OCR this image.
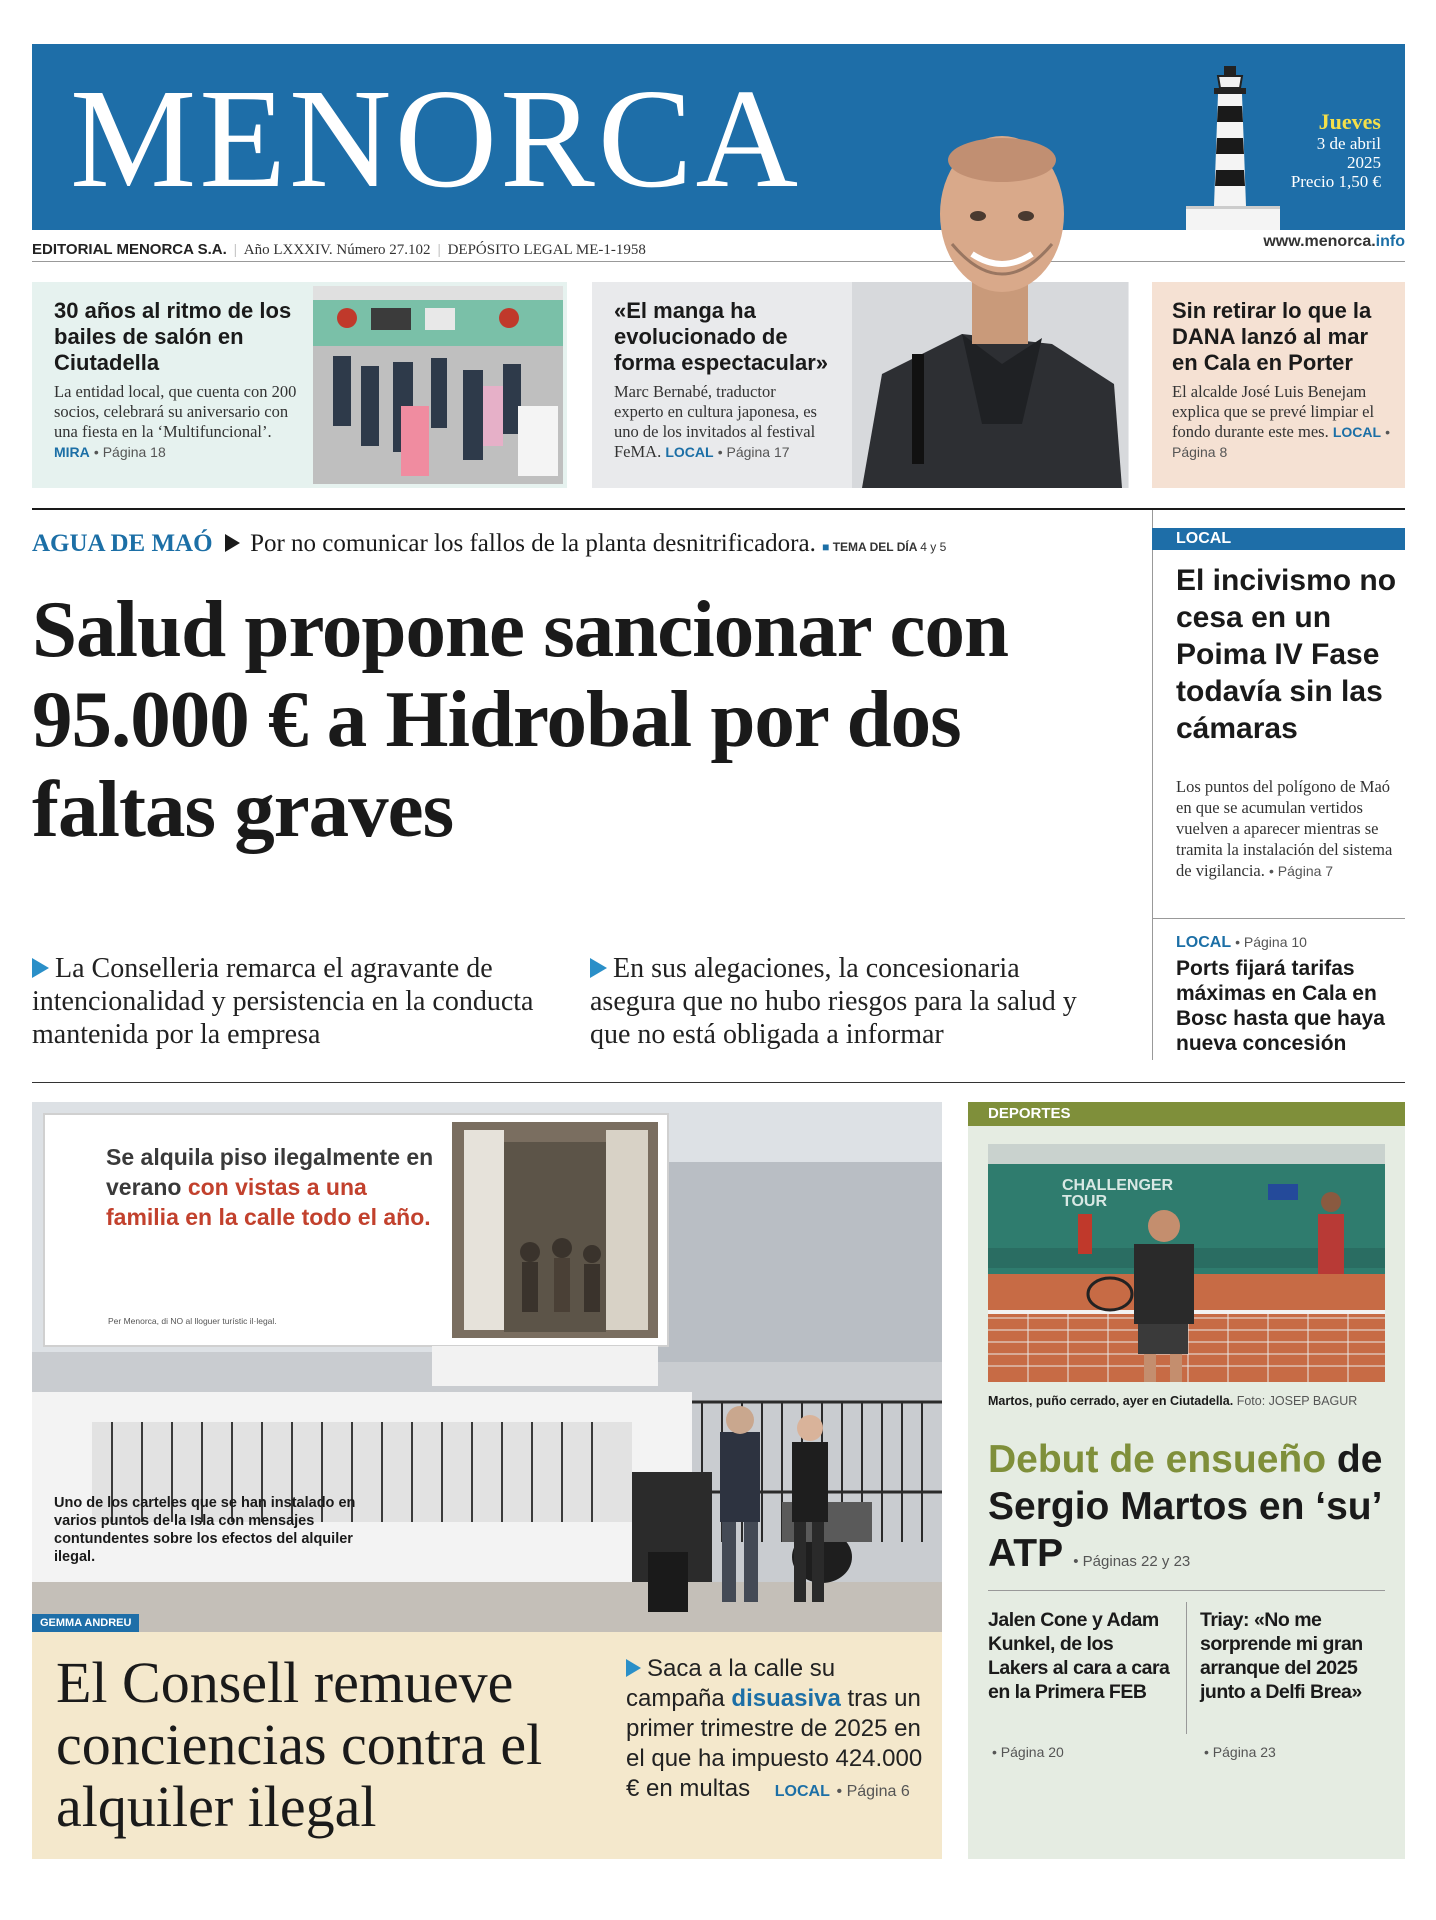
MENORCA	Jueves
3 de abril
2025
Precio 1,50 €
EDITORIAL MENORCA S.A. | Año LXXXIV. Número 27.102 | DEPÓSITO LEGAL ME-1-1958	www.menorca.info
30 años al ritmo de los bailes de salón en Ciutadella

La entidad local, que cuenta con 200 socios, celebrará su aniversario con una fiesta en la ‘Multifuncional’. MIRA • Página 18

«El manga ha evolucionado de forma espectacular»

Marc Bernabé, traductor experto en cultura japonesa, es uno de los invitados al festival FeMA. LOCAL • Página 17

Sin retirar lo que la DANA lanzó al mar en Cala en Porter

El alcalde José Luis Benejam explica que se prevé limpiar el fondo durante este mes. LOCAL • Página 8

AGUA DE MAÓ Por no comunicar los fallos de la planta desnitrificadora. ■ TEMA DEL DÍA 4 y 5
Salud propone sancionar con 95.000 € a Hidrobal por dos faltas graves
La Conselleria remarca el agravante de intencionalidad y persistencia en la conducta mantenida por la empresa
En sus alegaciones, la concesionaria asegura que no hubo riesgos para la salud y que no está obligada a informar
LOCAL
El incivismo no cesa en un Poima IV Fase todavía sin las cámaras
Los puntos del polígono de Maó en que se acumulan vertidos vuelven a aparecer mientras se tramita la instalación del sistema de vigilancia. • Página 7
LOCAL • Página 10
Ports fijará tarifas máximas en Cala en Bosc hasta que haya nueva concesión
Se alquila piso ilegalmente en verano con vistas a una familia en la calle todo el año.
Per Menorca, di NO al lloguer turístic il·legal.
Uno de los carteles que se han instalado en varios puntos de la Isla con mensajes contundentes sobre los efectos del alquiler ilegal.
GEMMA ANDREU
El Consell remueve conciencias contra el alquiler ilegal
Saca a la calle su campaña disuasiva tras un primer trimestre de 2025 en el que ha impuesto 424.000 € en multas LOCAL • Página 6
DEPORTES
CHALLENGER TOUR
Martos, puño cerrado, ayer en Ciutadella. Foto: JOSEP BAGUR
Debut de ensueño de Sergio Martos en ‘su’ ATP • Páginas 22 y 23
Jalen Cone y Adam Kunkel, de los Lakers al cara a cara en la Primera FEB
Triay: «No me sorprende mi gran arranque del 2025 junto a Delfi Brea»
• Página 20	• Página 23
